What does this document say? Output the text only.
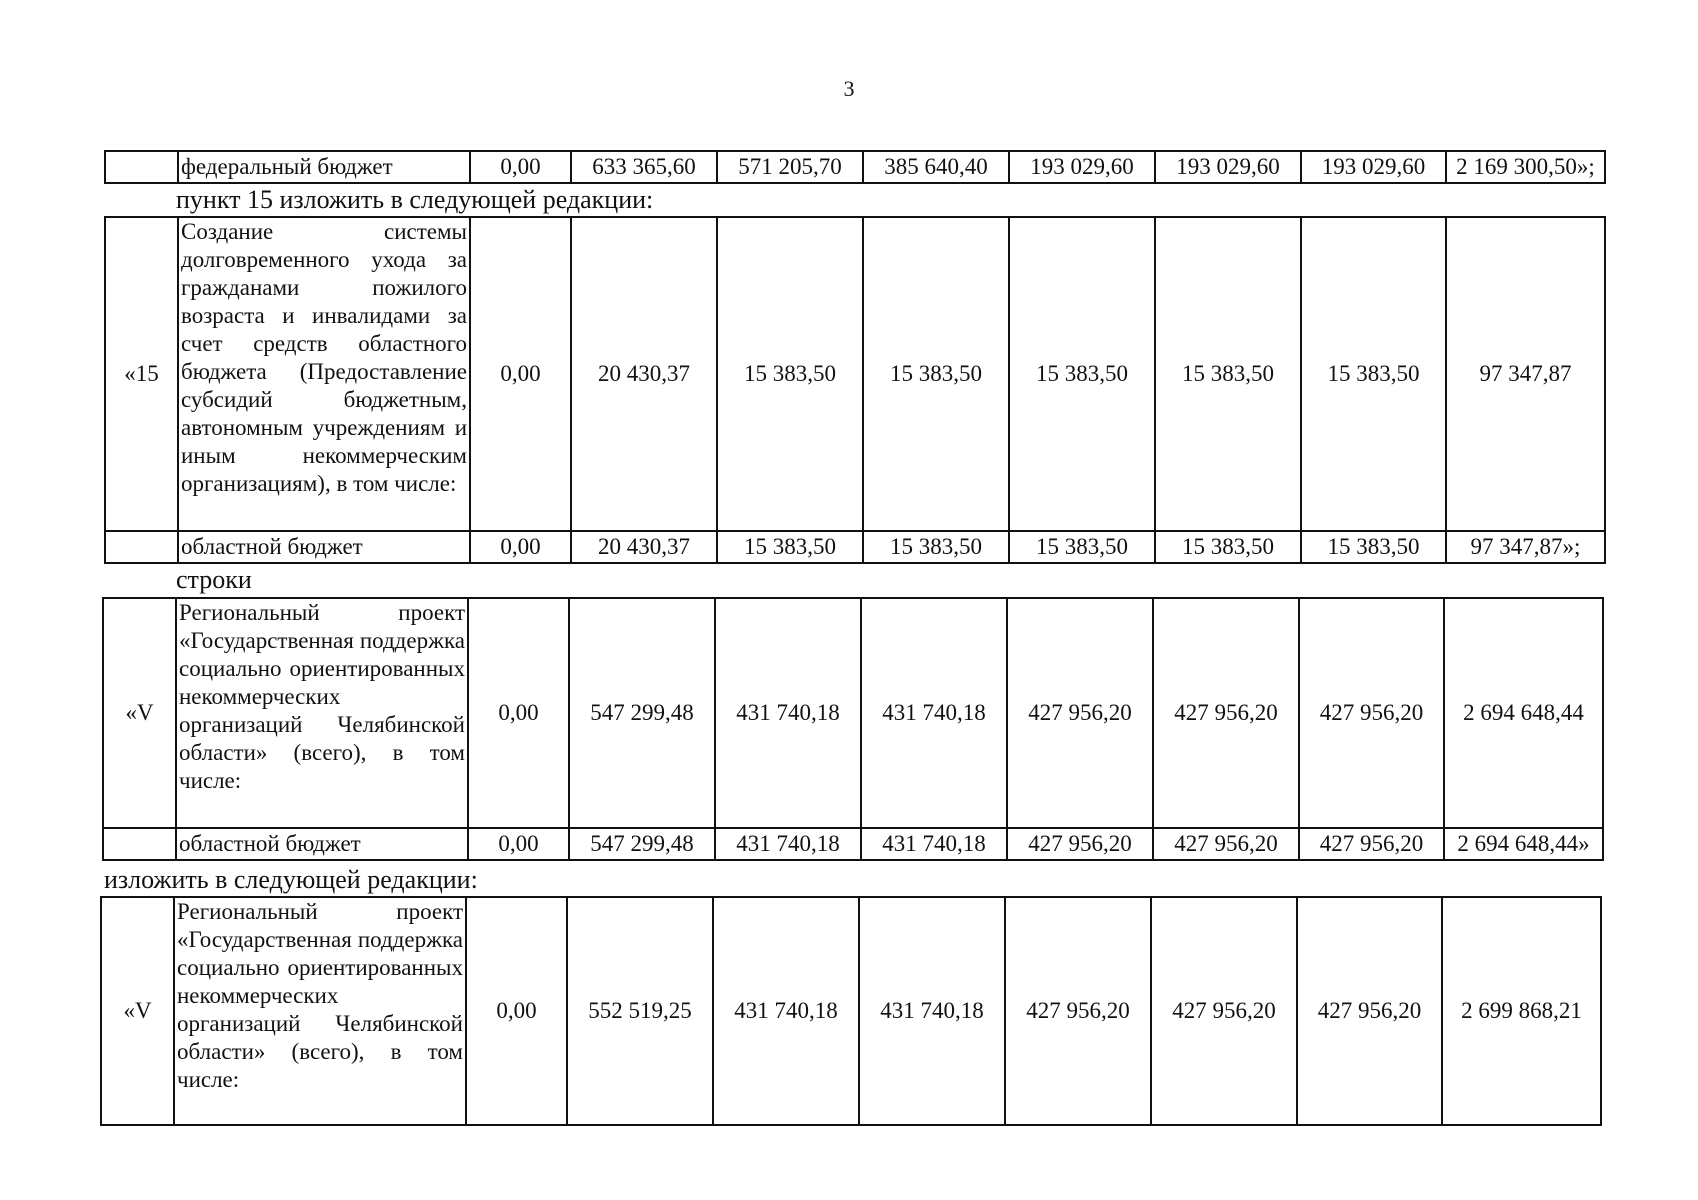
3
	федеральный бюджет	0,00	633 365,60	571 205,70	385 640,40	193 029,60	193 029,60	193 029,60	2 169 300,50»;
пункт 15 изложить в следующей редакции:
«15	Создание системы долговременного ухода за гражданами пожилого возраста и инвалидами за счет средств областного бюджета (Предоставление субсидий бюджетным, автономным учреждениям и иным некоммерческим организациям), в том числе:	0,00	20 430,37	15 383,50	15 383,50	15 383,50	15 383,50	15 383,50	97 347,87
	областной бюджет	0,00	20 430,37	15 383,50	15 383,50	15 383,50	15 383,50	15 383,50	97 347,87»;
строки
«V	Региональный проект «Государственная поддержка социально ориентированных некоммерческих организаций Челябинской области» (всего), в том числе:	0,00	547 299,48	431 740,18	431 740,18	427 956,20	427 956,20	427 956,20	2 694 648,44
	областной бюджет	0,00	547 299,48	431 740,18	431 740,18	427 956,20	427 956,20	427 956,20	2 694 648,44»
изложить в следующей редакции:
«V	Региональный проект «Государственная поддержка социально ориентированных некоммерческих организаций Челябинской области» (всего), в том числе:	0,00	552 519,25	431 740,18	431 740,18	427 956,20	427 956,20	427 956,20	2 699 868,21
